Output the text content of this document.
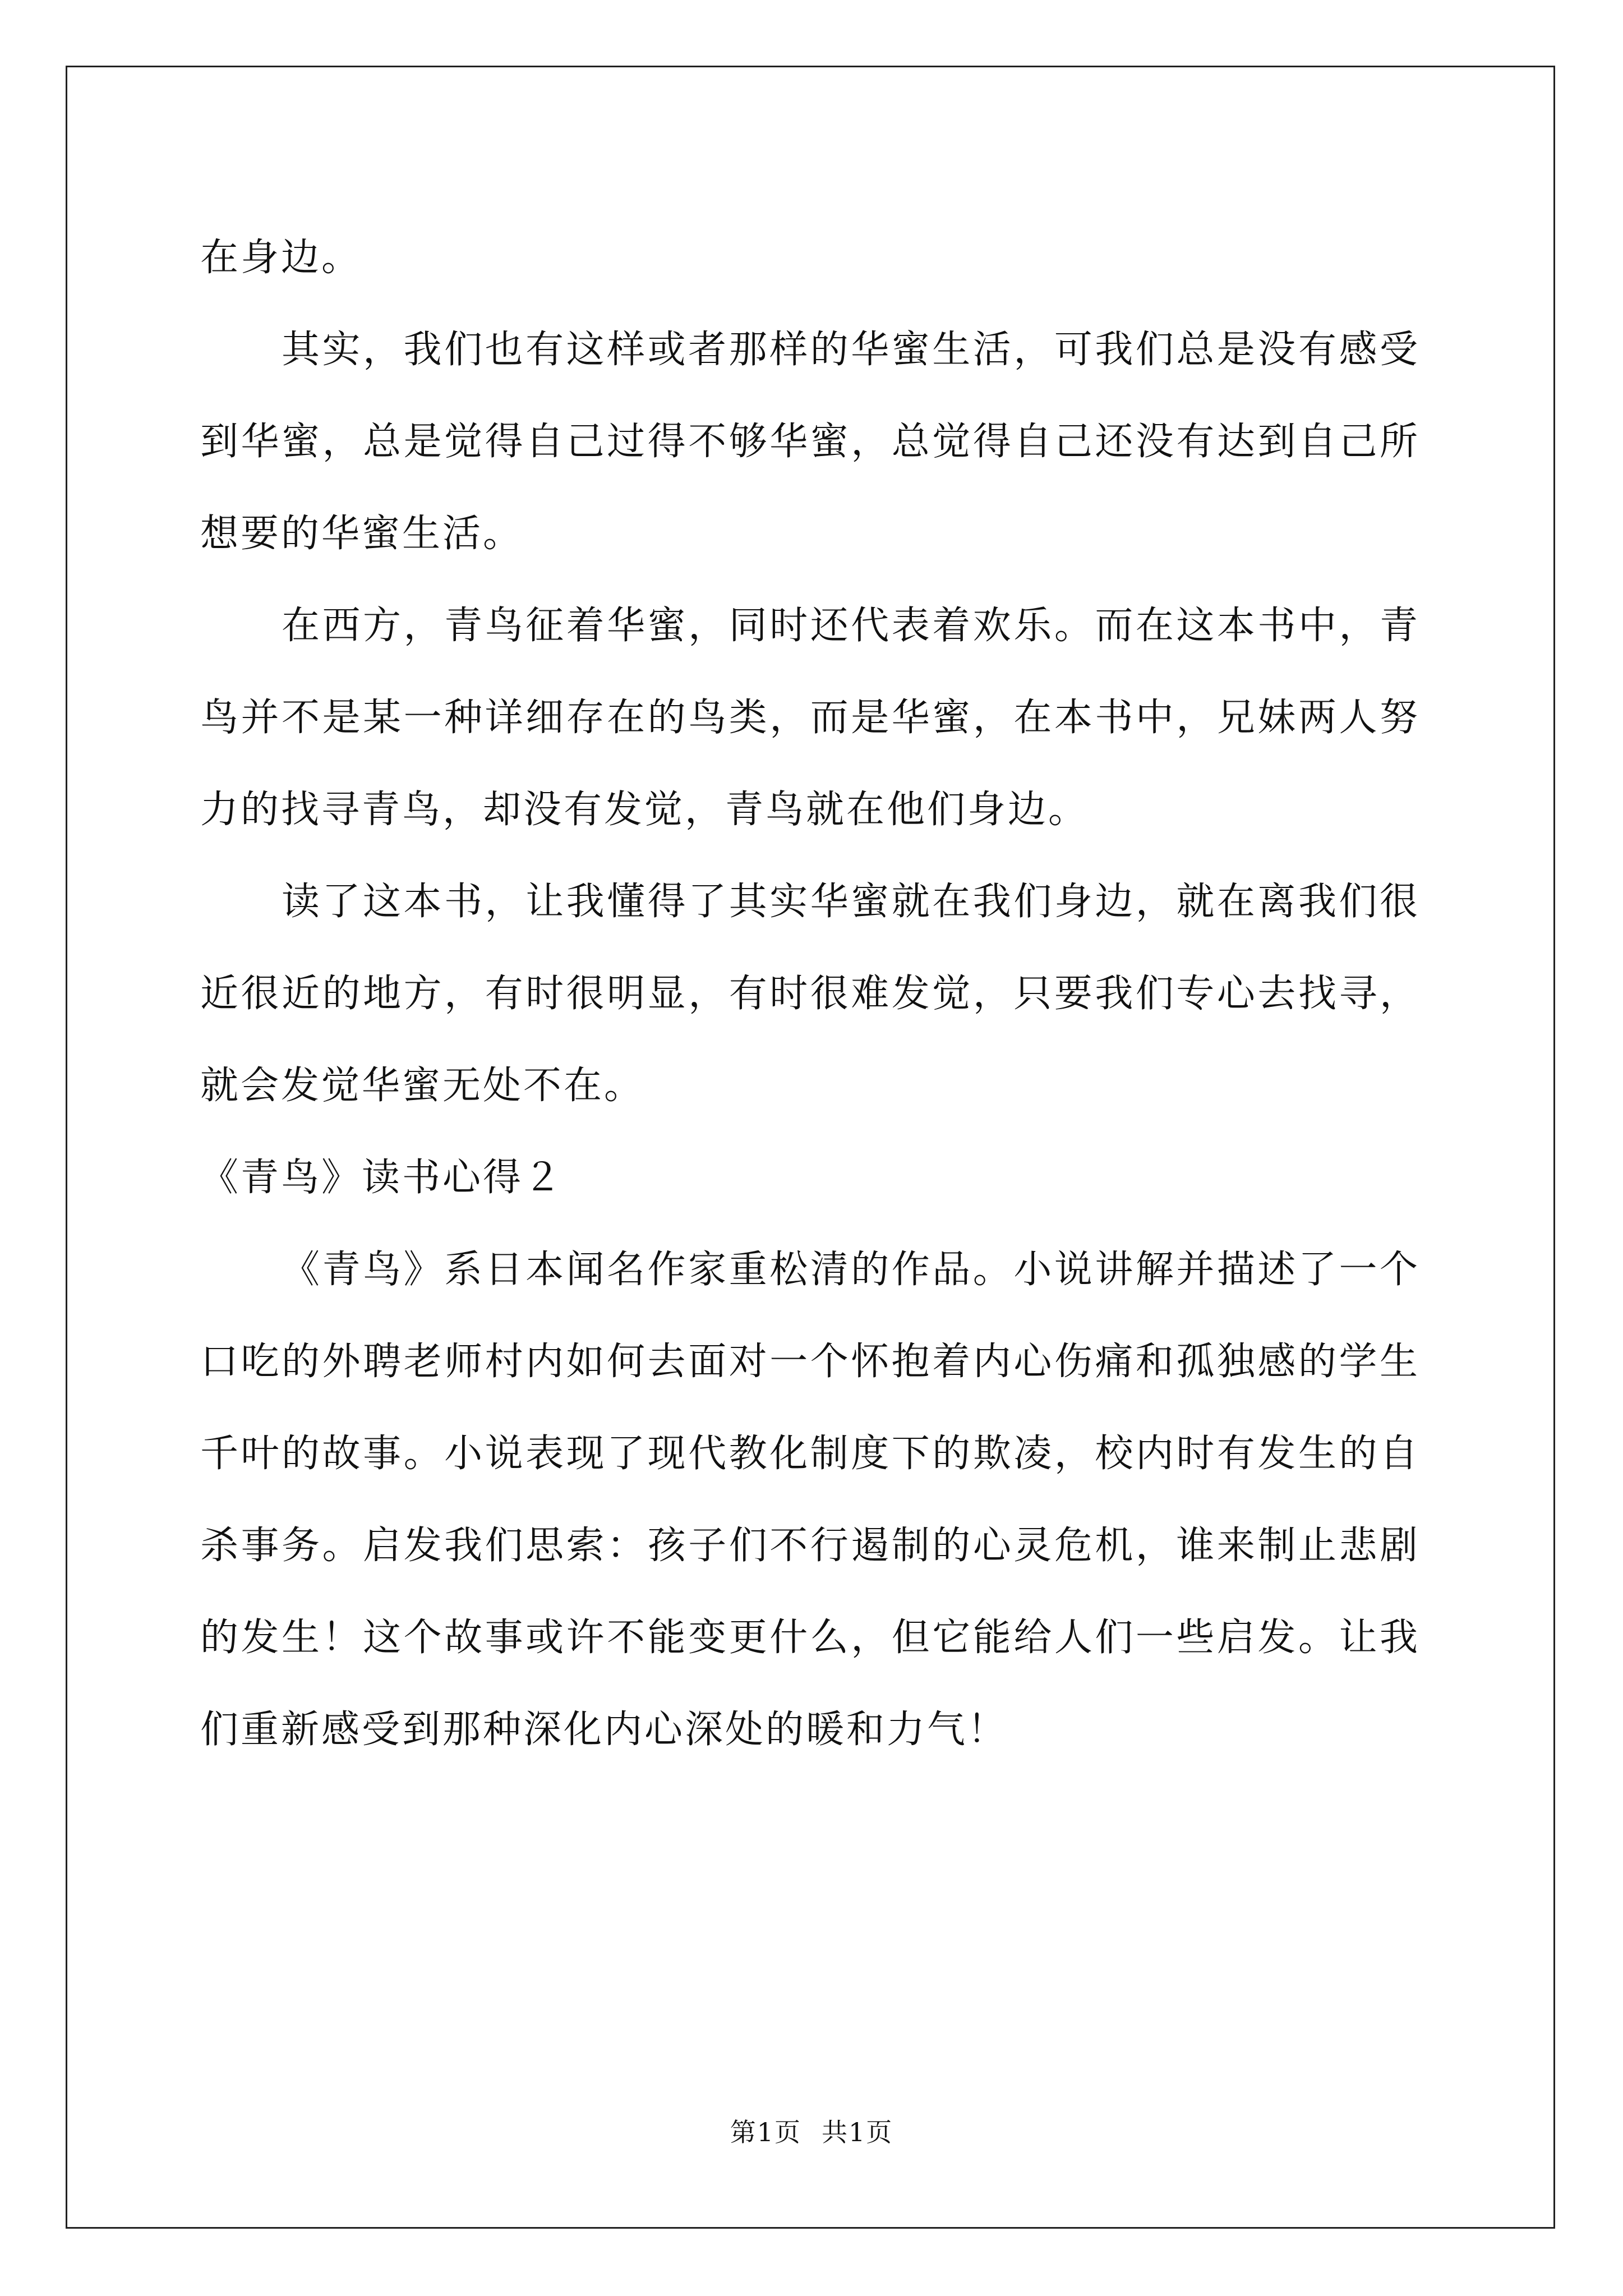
在身边。
其实，我们也有这样或者那样的华蜜生活，可我们总是没有感受
到华蜜，总是觉得自己过得不够华蜜，总觉得自己还没有达到自己所
想要的华蜜生活。
在西方，青鸟征着华蜜，同时还代表着欢乐。而在这本书中，青
鸟并不是某一种详细存在的鸟类，而是华蜜，在本书中，兄妹两人努
力的找寻青鸟，却没有发觉，青鸟就在他们身边。
读了这本书，让我懂得了其实华蜜就在我们身边，就在离我们很
近很近的地方，有时很明显，有时很难发觉，只要我们专心去找寻，
就会发觉华蜜无处不在。
《青鸟》读书心得２
《青鸟》系日本闻名作家重松清的作品。小说讲解并描述了一个
口吃的外聘老师村内如何去面对一个怀抱着内心伤痛和孤独感的学生
千叶的故事。小说表现了现代教化制度下的欺凌，校内时有发生的自
杀事务。启发我们思索：孩子们不行遏制的心灵危机，谁来制止悲剧
的发生！这个故事或许不能变更什么，但它能给人们一些启发。让我
们重新感受到那种深化内心深处的暖和力气！
第1页 共1页
